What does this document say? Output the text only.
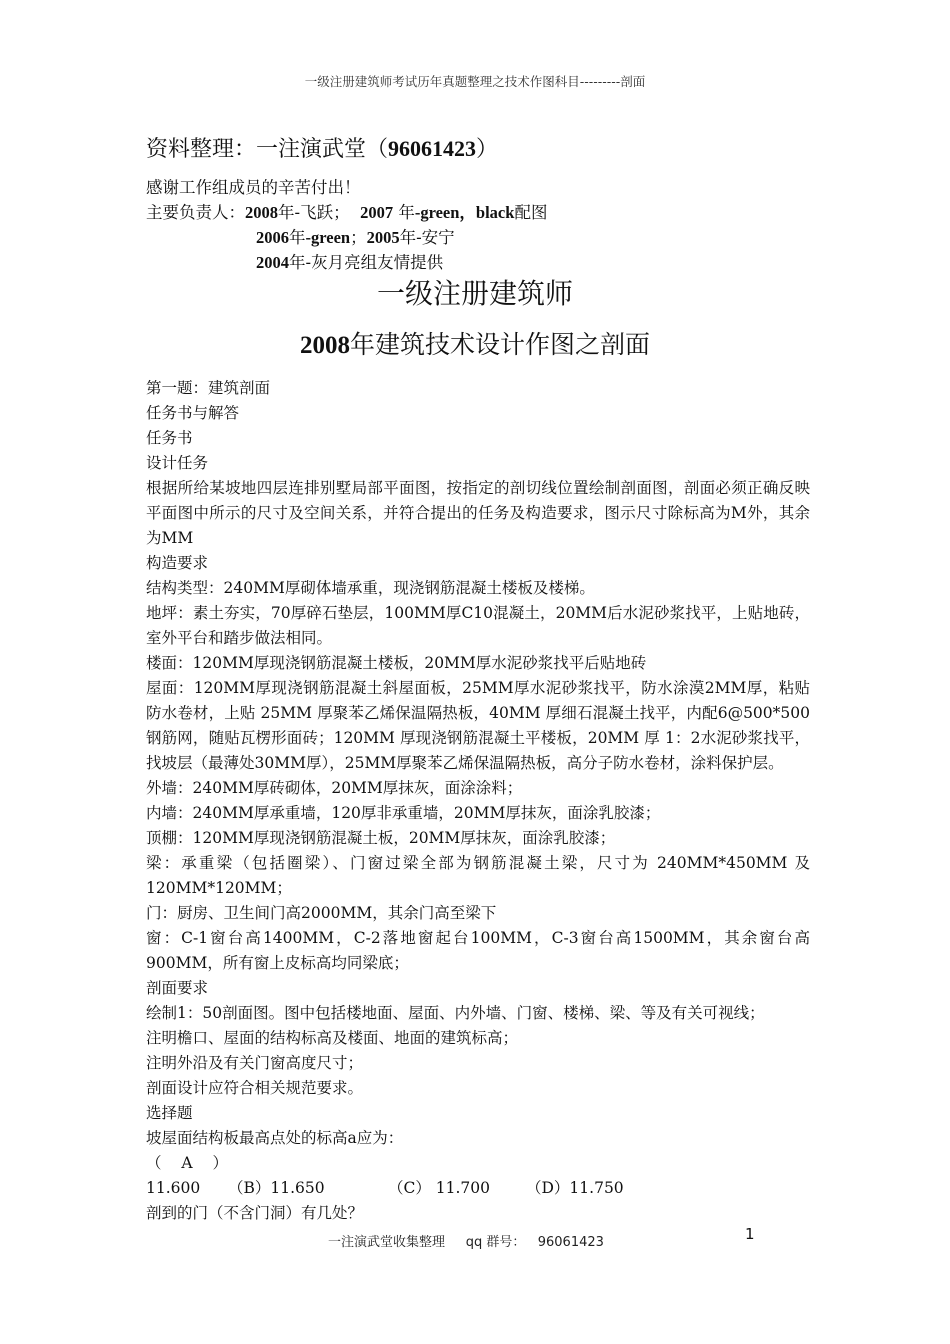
一级注册建筑师考试历年真题整理之技术作图科目---------剖面
资料整理：一注演武堂（96061423）
感谢工作组成员的辛苦付出！
主要负责人：2008年-飞跃； 2007 年-green，black配图
2006年-green；2005年-安宁
2004年-灰月亮组友情提供
一级注册建筑师
2008年建筑技术设计作图之剖面

第一题：建筑剖面

任务书与解答

任务书

设计任务

根据所给某坡地四层连排别墅局部平面图，按指定的剖切线位置绘制剖面图，剖面必须正确反映平面图中所示的尺寸及空间关系，并符合提出的任务及构造要求，图示尺寸除标高为M外，其余为MM

构造要求

结构类型：240MM厚砌体墙承重，现浇钢筋混凝土楼板及楼梯。

地坪：素土夯实，70厚碎石垫层，100MM厚C10混凝土，20MM后水泥砂浆找平，上贴地砖，室外平台和踏步做法相同。

楼面：120MM厚现浇钢筋混凝土楼板，20MM厚水泥砂浆找平后贴地砖

屋面：120MM厚现浇钢筋混凝土斜屋面板，25MM厚水泥砂浆找平，防水涂漠2MM厚，粘贴防水卷材，上贴 25MM 厚聚苯乙烯保温隔热板，40MM 厚细石混凝土找平，内配6@500*500钢筋网，随贴瓦楞形面砖；120MM 厚现浇钢筋混凝土平楼板，20MM 厚 1：2水泥砂浆找平，找坡层（最薄处30MM厚），25MM厚聚苯乙烯保温隔热板，高分子防水卷材，涂料保护层。

外墙：240MM厚砖砌体，20MM厚抹灰，面涂涂料；

内墙：240MM厚承重墙，120厚非承重墙，20MM厚抹灰，面涂乳胶漆；

顶棚：120MM厚现浇钢筋混凝土板，20MM厚抹灰，面涂乳胶漆；

梁：承重梁（包括圈梁）、门窗过梁全部为钢筋混凝土梁，尺寸为 240MM*450MM 及120MM*120MM；

门：厨房、卫生间门高2000MM，其余门高至梁下

窗：C-1窗台高1400MM，C-2落地窗起台100MM，C-3窗台高1500MM，其余窗台高900MM，所有窗上皮标高均同梁底；

剖面要求

绘制1：50剖面图。图中包括楼地面、屋面、内外墙、门窗、楼梯、梁、等及有关可视线；

注明檐口、屋面的结构标高及楼面、地面的建筑标高；

注明外沿及有关门窗高度尺寸；

剖面设计应符合相关规范要求。

选择题

坡屋面结构板最高点处的标高a应为：

（A） 11.600 （B）11.650	（C） 11.700 （D）11.750

剖到的门（不含门洞）有几处？

一注演武堂收集整理 qq 群号： 96061423	1
